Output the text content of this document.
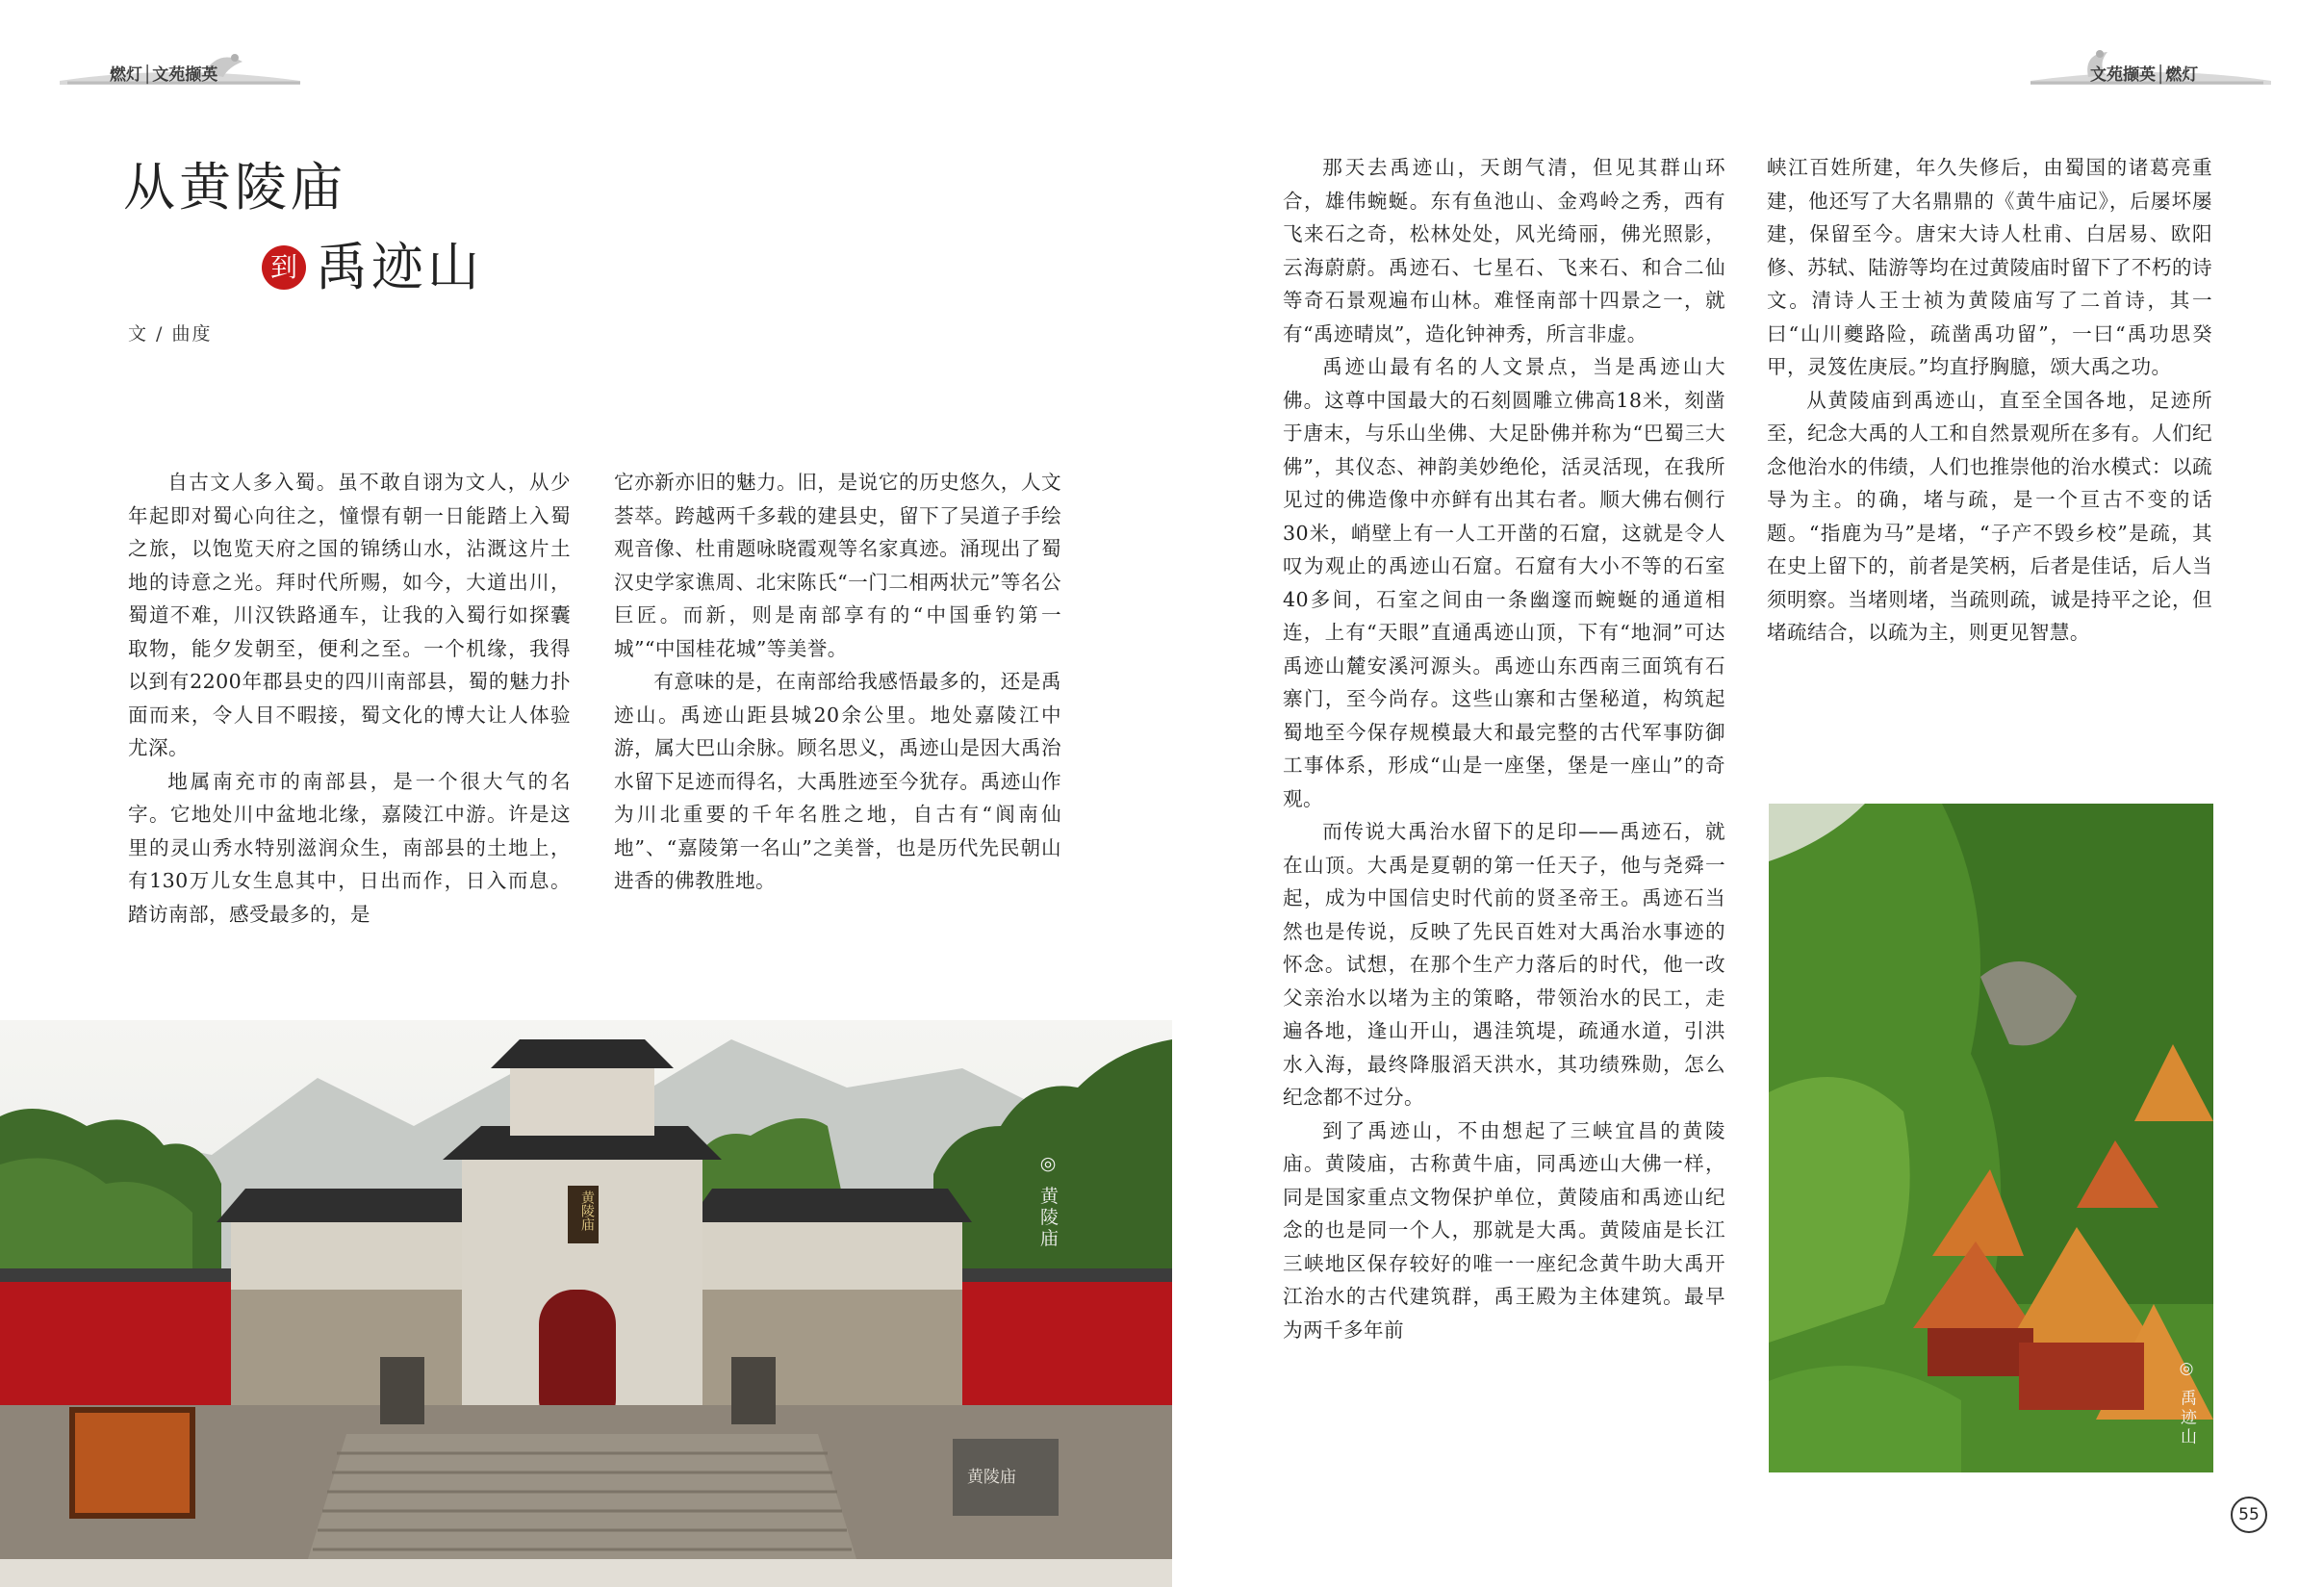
燃灯│文苑撷英	文苑撷英│燃灯
从黄陵庙
到 禹迹山
文 / 曲度

自古文人多入蜀。虽不敢自诩为文人，从少年起即对蜀心向往之，憧憬有朝一日能踏上入蜀之旅，以饱览天府之国的锦绣山水，沾溉这片土地的诗意之光。拜时代所赐，如今，大道出川，蜀道不难，川汉铁路通车，让我的入蜀行如探囊取物，能夕发朝至，便利之至。一个机缘，我得以到有2200年郡县史的四川南部县，蜀的魅力扑面而来，令人目不暇接，蜀文化的博大让人体验尤深。

地属南充市的南部县，是一个很大气的名字。它地处川中盆地北缘，嘉陵江中游。许是这里的灵山秀水特别滋润众生，南部县的土地上，有130万儿女生息其中，日出而作，日入而息。踏访南部，感受最多的，是

它亦新亦旧的魅力。旧，是说它的历史悠久，人文荟萃。跨越两千多载的建县史，留下了吴道子手绘观音像、杜甫题咏晓霞观等名家真迹。涌现出了蜀汉史学家谯周、北宋陈氏“一门二相两状元”等名公巨匠。而新，则是南部享有的“中国垂钓第一城”“中国桂花城”等美誉。

有意味的是，在南部给我感悟最多的，还是禹迹山。禹迹山距县城20余公里。地处嘉陵江中游，属大巴山余脉。顾名思义，禹迹山是因大禹治水留下足迹而得名，大禹胜迹至今犹存。禹迹山作为川北重要的千年名胜之地，自古有“阆南仙地”、“嘉陵第一名山”之美誉，也是历代先民朝山进香的佛教胜地。

那天去禹迹山，天朗气清，但见其群山环合，雄伟蜿蜒。东有鱼池山、金鸡岭之秀，西有飞来石之奇，松林处处，风光绮丽，佛光照影，云海蔚蔚。禹迹石、七星石、飞来石、和合二仙等奇石景观遍布山林。难怪南部十四景之一，就有“禹迹晴岚”，造化钟神秀，所言非虚。

禹迹山最有名的人文景点，当是禹迹山大佛。这尊中国最大的石刻圆雕立佛高18米，刻凿于唐末，与乐山坐佛、大足卧佛并称为“巴蜀三大佛”，其仪态、神韵美妙绝伦，活灵活现，在我所见过的佛造像中亦鲜有出其右者。顺大佛右侧行30米，峭壁上有一人工开凿的石窟，这就是令人叹为观止的禹迹山石窟。石窟有大小不等的石室40多间，石室之间由一条幽邃而蜿蜒的通道相连，上有“天眼”直通禹迹山顶，下有“地洞”可达禹迹山麓安溪河源头。禹迹山东西南三面筑有石寨门，至今尚存。这些山寨和古堡秘道，构筑起蜀地至今保存规模最大和最完整的古代军事防御工事体系，形成“山是一座堡，堡是一座山”的奇观。

而传说大禹治水留下的足印——禹迹石，就在山顶。大禹是夏朝的第一任天子，他与尧舜一起，成为中国信史时代前的贤圣帝王。禹迹石当然也是传说，反映了先民百姓对大禹治水事迹的怀念。试想，在那个生产力落后的时代，他一改父亲治水以堵为主的策略，带领治水的民工，走遍各地，逢山开山，遇洼筑堤，疏通水道，引洪水入海，最终降服滔天洪水，其功绩殊勋，怎么纪念都不过分。

到了禹迹山，不由想起了三峡宜昌的黄陵庙。黄陵庙，古称黄牛庙，同禹迹山大佛一样，同是国家重点文物保护单位，黄陵庙和禹迹山纪念的也是同一个人，那就是大禹。黄陵庙是长江三峡地区保存较好的唯一一座纪念黄牛助大禹开江治水的古代建筑群，禹王殿为主体建筑。最早为两千多年前

峡江百姓所建，年久失修后，由蜀国的诸葛亮重建，他还写了大名鼎鼎的《黄牛庙记》，后屡坏屡建，保留至今。唐宋大诗人杜甫、白居易、欧阳修、苏轼、陆游等均在过黄陵庙时留下了不朽的诗文。清诗人王士祯为黄陵庙写了二首诗，其一曰“山川夔路险，疏凿禹功留”，一曰“禹功思癸甲，灵笈佐庚辰。”均直抒胸臆，颂大禹之功。

从黄陵庙到禹迹山，直至全国各地，足迹所至，纪念大禹的人工和自然景观所在多有。人们纪念他治水的伟绩，人们也推崇他的治水模式：以疏导为主。的确，堵与疏，是一个亘古不变的话题。“指鹿为马”是堵，“子产不毁乡校”是疏，其在史上留下的，前者是笑柄，后者是佳话，后人当须明察。当堵则堵，当疏则疏，诚是持平之论，但堵疏结合，以疏为主，则更见智慧。

黄陵庙
黄陵庙
◎ 黄陵庙
◎ 禹迹山
55
